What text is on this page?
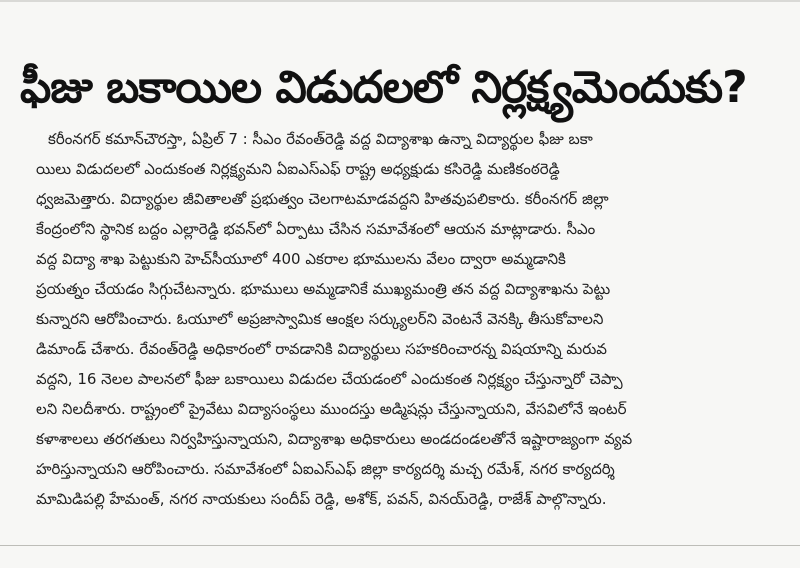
ఫీజు బకాయిల విడుదలలో నిర్లక్ష్యమెందుకు?
కరీంనగర్ కమాన్‌చౌరస్తా, ఏప్రిల్ 7 : సీఎం రేవంత్‌రెడ్డి వద్ద విద్యాశాఖ ఉన్నా విద్యార్థుల ఫీజు బకా
యిలు విడుదలలో ఎందుకంత నిర్లక్ష్యమని ఏఐఎస్ఎఫ్ రాష్ట్ర అధ్యక్షుడు కసిరెడ్డి మణికంఠరెడ్డి
ధ్వజమెత్తారు. విద్యార్థుల జీవితాలతో ప్రభుత్వం చెలగాటమాడవద్దని హితవుపలికారు. కరీంనగర్ జిల్లా
కేంద్రంలోని స్థానిక బద్దం ఎల్లారెడ్డి భవన్‌లో ఏర్పాటు చేసిన సమావేశంలో ఆయన మాట్లాడారు. సీఎం
వద్ద విద్యా శాఖ పెట్టుకుని హెచ్‌సీయూలో 400 ఎకరాల భూములను వేలం ద్వారా అమ్మడానికి
ప్రయత్నం చేయడం సిగ్గుచేటన్నారు. భూములు అమ్మడానికే ముఖ్యమంత్రి తన వద్ద విద్యాశాఖను పెట్టు
కున్నారని ఆరోపించారు. ఓయూలో అప్రజాస్వామిక ఆంక్షల సర్క్యులర్‌ని వెంటనే వెనక్కి తీసుకోవాలని
డిమాండ్ చేశారు. రేవంత్‌రెడ్డి అధికారంలో రావడానికి విద్యార్థులు సహకరించారన్న విషయాన్ని మరువ
వద్దని, 16 నెలల పాలనలో ఫీజు బకాయిలు విడుదల చేయడంలో ఎందుకంత నిర్లక్ష్యం చేస్తున్నారో చెప్పా
లని నిలదీశారు. రాష్ట్రంలో ప్రైవేటు విద్యాసంస్థలు ముందస్తు అడ్మిషన్లు చేస్తున్నాయని, వేసవిలోనే ఇంటర్
కళాశాలలు తరగతులు నిర్వహిస్తున్నాయని, విద్యాశాఖ అధికారులు అండదండలతోనే ఇష్టారాజ్యంగా వ్యవ
హరిస్తున్నాయని ఆరోపించారు. సమావేశంలో ఏఐఎస్ఎఫ్ జిల్లా కార్యదర్శి మచ్చ రమేశ్, నగర కార్యదర్శి
మామిడిపల్లి హేమంత్, నగర నాయకులు సందీప్ రెడ్డి, అశోక్, పవన్, వినయ్‌రెడ్డి, రాజేశ్ పాల్గొన్నారు.
